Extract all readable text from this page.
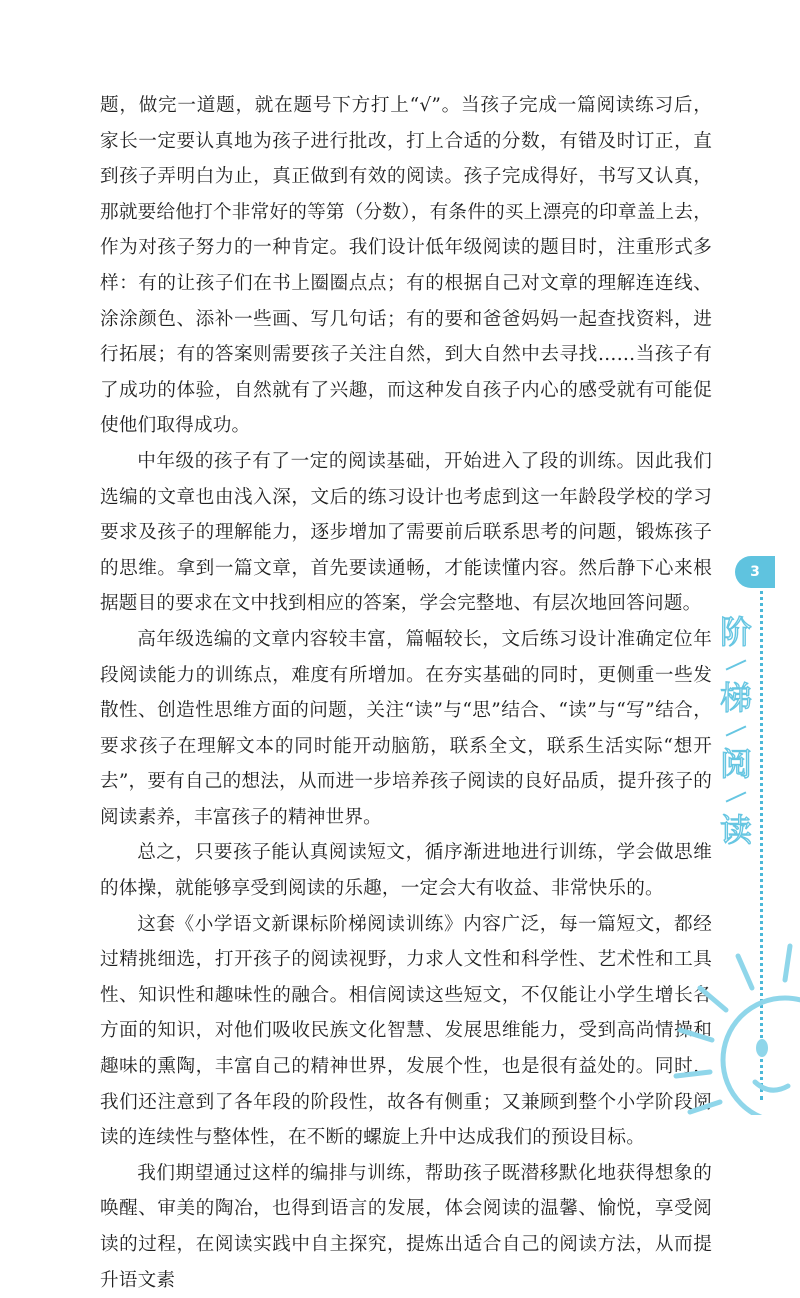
题，做完一道题，就在题号下方打上“√”。当孩子完成一篇阅读练习后，家长一定要认真地为孩子进行批改，打上合适的分数，有错及时订正，直到孩子弄明白为止，真正做到有效的阅读。孩子完成得好，书写又认真，那就要给他打个非常好的等第（分数），有条件的买上漂亮的印章盖上去，作为对孩子努力的一种肯定。我们设计低年级阅读的题目时，注重形式多样：有的让孩子们在书上圈圈点点；有的根据自己对文章的理解连连线、涂涂颜色、添补一些画、写几句话；有的要和爸爸妈妈一起查找资料，进行拓展；有的答案则需要孩子关注自然，到大自然中去寻找……当孩子有了成功的体验，自然就有了兴趣，而这种发自孩子内心的感受就有可能促使他们取得成功。

中年级的孩子有了一定的阅读基础，开始进入了段的训练。因此我们选编的文章也由浅入深，文后的练习设计也考虑到这一年龄段学校的学习要求及孩子的理解能力，逐步增加了需要前后联系思考的问题，锻炼孩子的思维。拿到一篇文章，首先要读通畅，才能读懂内容。然后静下心来根据题目的要求在文中找到相应的答案，学会完整地、有层次地回答问题。

高年级选编的文章内容较丰富，篇幅较长，文后练习设计准确定位年段阅读能力的训练点，难度有所增加。在夯实基础的同时，更侧重一些发散性、创造性思维方面的问题，关注“读”与“思”结合、“读”与“写”结合，要求孩子在理解文本的同时能开动脑筋，联系全文，联系生活实际“想开去”，要有自己的想法，从而进一步培养孩子阅读的良好品质，提升孩子的阅读素养，丰富孩子的精神世界。

总之，只要孩子能认真阅读短文，循序渐进地进行训练，学会做思维的体操，就能够享受到阅读的乐趣，一定会大有收益、非常快乐的。

这套《小学语文新课标阶梯阅读训练》内容广泛，每一篇短文，都经过精挑细选，打开孩子的阅读视野，力求人文性和科学性、艺术性和工具性、知识性和趣味性的融合。相信阅读这些短文，不仅能让小学生增长各方面的知识，对他们吸收民族文化智慧、发展思维能力，受到高尚情操和趣味的熏陶，丰富自己的精神世界，发展个性，也是很有益处的。同时，我们还注意到了各年段的阶段性，故各有侧重；又兼顾到整个小学阶段阅读的连续性与整体性，在不断的螺旋上升中达成我们的预设目标。

我们期望通过这样的编排与训练，帮助孩子既潜移默化地获得想象的唤醒、审美的陶冶，也得到语言的发展，体会阅读的温馨、愉悦，享受阅读的过程，在阅读实践中自主探究，提炼出适合自己的阅读方法，从而提升语文素

3
阶
梯
阅
读
